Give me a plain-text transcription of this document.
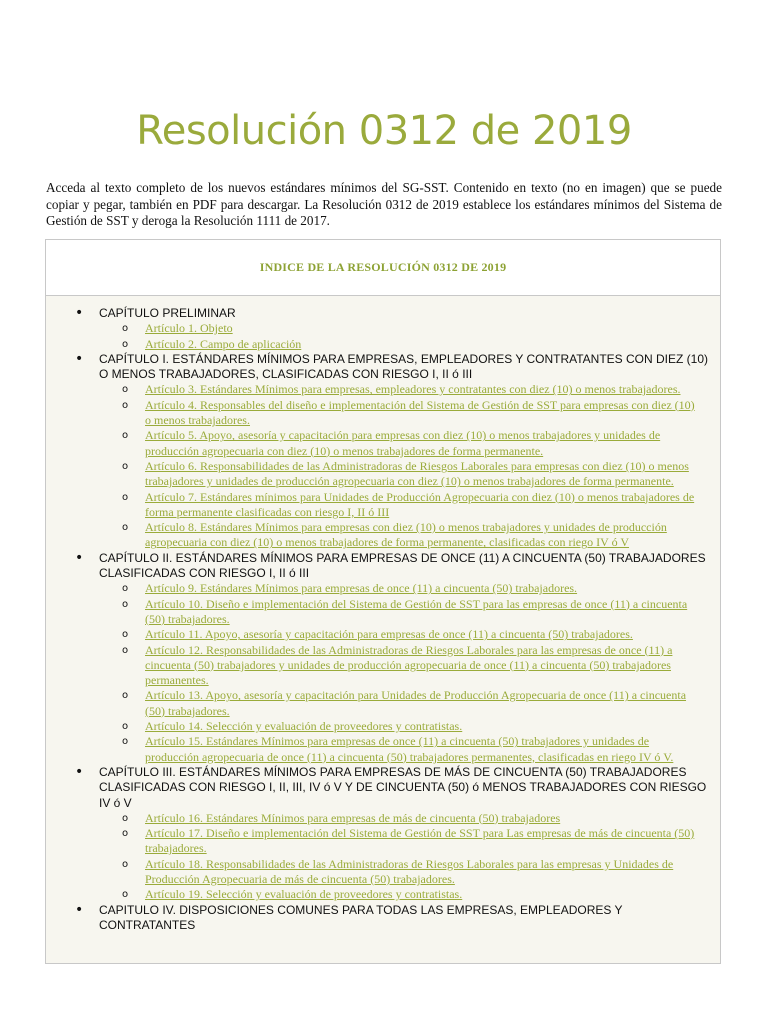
Resolución 0312 de 2019

Acceda al texto completo de los nuevos estándares mínimos del SG-SST. Contenido en texto (no en imagen) que se puede copiar y pegar, también en PDF para descargar. La Resolución 0312 de 2019 establece los estándares mínimos del Sistema de Gestión de SST y deroga la Resolución 1111 de 2017.

INDICE DE LA RESOLUCIÓN 0312 DE 2019
• CAPÍTULO PRELIMINAR
o Artículo 1. Objeto
o Artículo 2. Campo de aplicación
• CAPÍTULO I. ESTÁNDARES MÍNIMOS PARA EMPRESAS, EMPLEADORES Y CONTRATANTES CON DIEZ (10) O MENOS TRABAJADORES, CLASIFICADAS CON RIESGO I, II ó III
o Artículo 3. Estándares Mínimos para empresas, empleadores y contratantes con diez (10) o menos trabajadores.
o Artículo 4. Responsables del diseño e implementación del Sistema de Gestión de SST para empresas con diez (10) o menos trabajadores.
o Artículo 5. Apoyo, asesoría y capacitación para empresas con diez (10) o menos trabajadores y unidades de producción agropecuaria con diez (10) o menos trabajadores de forma permanente.
o Artículo 6. Responsabilidades de las Administradoras de Riesgos Laborales para empresas con diez (10) o menos trabajadores y unidades de producción agropecuaria con diez (10) o menos trabajadores de forma permanente.
o Artículo 7. Estándares mínimos para Unidades de Producción Agropecuaria con diez (10) o menos trabajadores de forma permanente clasificadas con riesgo I, II ó III
o Artículo 8. Estándares Mínimos para empresas con diez (10) o menos trabajadores y unidades de producción agropecuaria con diez (10) o menos trabajadores de forma permanente, clasificadas con riego IV ó V
• CAPÍTULO II. ESTÁNDARES MÍNIMOS PARA EMPRESAS DE ONCE (11) A CINCUENTA (50) TRABAJADORES CLASIFICADAS CON RIESGO I, II ó III
o Artículo 9. Estándares Mínimos para empresas de once (11) a cincuenta (50) trabajadores.
o Artículo 10. Diseño e implementación del Sistema de Gestión de SST para las empresas de once (11) a cincuenta (50) trabajadores.
o Artículo 11. Apoyo, asesoría y capacitación para empresas de once (11) a cincuenta (50) trabajadores.
o Artículo 12. Responsabilidades de las Administradoras de Riesgos Laborales para las empresas de once (11) a cincuenta (50) trabajadores y unidades de producción agropecuaria de once (11) a cincuenta (50) trabajadores permanentes.
o Artículo 13. Apoyo, asesoría y capacitación para Unidades de Producción Agropecuaria de once (11) a cincuenta (50) trabajadores.
o Artículo 14. Selección y evaluación de proveedores y contratistas.
o Artículo 15. Estándares Mínimos para empresas de once (11) a cincuenta (50) trabajadores y unidades de producción agropecuaria de once (11) a cincuenta (50) trabajadores permanentes, clasificadas en riego IV ó V.
• CAPÍTULO III. ESTÁNDARES MÍNIMOS PARA EMPRESAS DE MÁS DE CINCUENTA (50) TRABAJADORES CLASIFICADAS CON RIESGO I, II, III, IV ó V Y DE CINCUENTA (50) ó MENOS TRABAJADORES CON RIESGO IV ó V
o Artículo 16. Estándares Mínimos para empresas de más de cincuenta (50) trabajadores
o Artículo 17. Diseño e implementación del Sistema de Gestión de SST para Las empresas de más de cincuenta (50) trabajadores.
o Artículo 18. Responsabilidades de las Administradoras de Riesgos Laborales para las empresas y Unidades de Producción Agropecuaria de más de cincuenta (50) trabajadores.
o Artículo 19. Selección y evaluación de proveedores y contratistas.
• CAPITULO IV. DISPOSICIONES COMUNES PARA TODAS LAS EMPRESAS, EMPLEADORES Y CONTRATANTES
